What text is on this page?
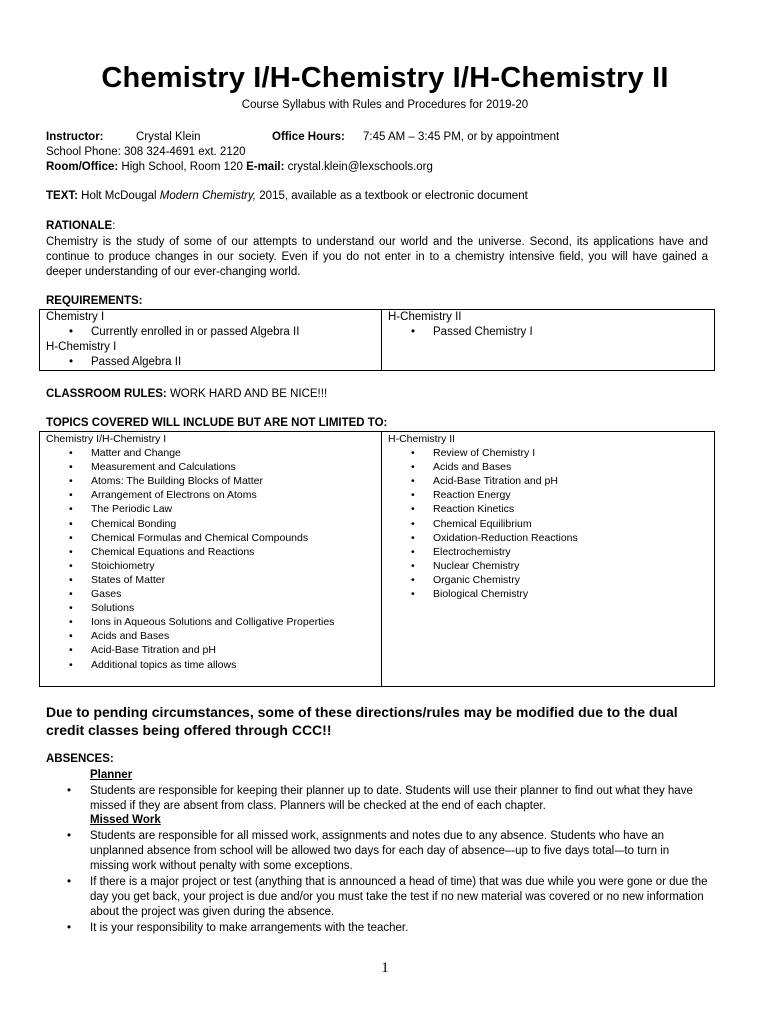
Chemistry I/H-Chemistry I/H-Chemistry II
Course Syllabus with Rules and Procedures for 2019-20
Instructor:	Crystal Klein	Office Hours: 7:45 AM – 3:45 PM, or by appointment
School Phone: 308 324-4691 ext. 2120
Room/Office: High School, Room 120 E-mail: crystal.klein@lexschools.org
TEXT: Holt McDougal Modern Chemistry, 2015, available as a textbook or electronic document
RATIONALE:

Chemistry is the study of some of our attempts to understand our world and the universe. Second, its applications have and continue to produce changes in our society. Even if you do not enter in to a chemistry intensive field, you will have gained a deeper understanding of our ever-changing world.

REQUIREMENTS:
Chemistry I
• Currently enrolled in or passed Algebra II
H-Chemistry I
• Passed Algebra II

H-Chemistry II
• Passed Chemistry I
CLASSROOM RULES: WORK HARD AND BE NICE!!!
TOPICS COVERED WILL INCLUDE BUT ARE NOT LIMITED TO:
Chemistry I/H-Chemistry I
• Matter and Change
• Measurement and Calculations
• Atoms: The Building Blocks of Matter
• Arrangement of Electrons on Atoms
• The Periodic Law
• Chemical Bonding
• Chemical Formulas and Chemical Compounds
• Chemical Equations and Reactions
• Stoichiometry
• States of Matter
• Gases
• Solutions
• Ions in Aqueous Solutions and Colligative Properties
• Acids and Bases
• Acid-Base Titration and pH
• Additional topics as time allows

H-Chemistry II
• Review of Chemistry I
• Acids and Bases
• Acid-Base Titration and pH
• Reaction Energy
• Reaction Kinetics
• Chemical Equilibrium
• Oxidation-Reduction Reactions
• Electrochemistry
• Nuclear Chemistry
• Organic Chemistry
• Biological Chemistry
Due to pending circumstances, some of these directions/rules may be modified due to the dual credit classes being offered through CCC!!
ABSENCES:
Planner
• Students are responsible for keeping their planner up to date. Students will use their planner to find out what they have missed if they are absent from class. Planners will be checked at the end of each chapter.
Missed Work
• Students are responsible for all missed work, assignments and notes due to any absence. Students who have an unplanned absence from school will be allowed two days for each day of absence–-up to five days total-–to turn in missing work without penalty with some exceptions.
• If there is a major project or test (anything that is announced a head of time) that was due while you were gone or due the day you get back, your project is due and/or you must take the test if no new material was covered or no new information about the project was given during the absence.
• It is your responsibility to make arrangements with the teacher.
1
